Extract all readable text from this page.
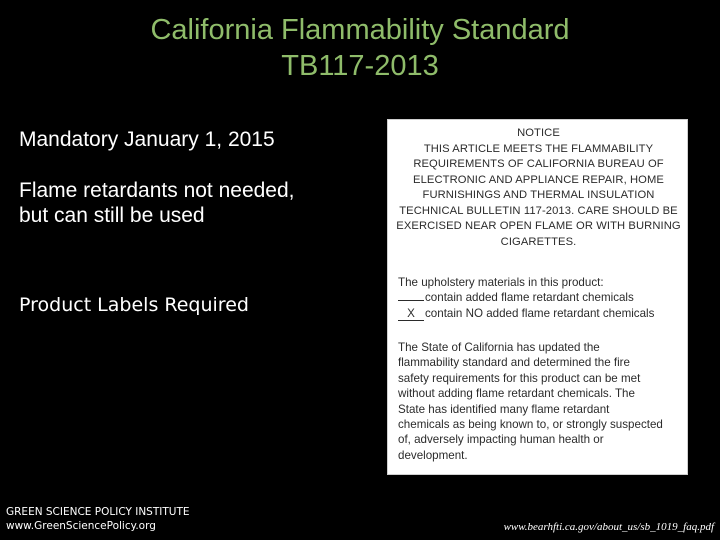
California Flammability Standard
TB117-2013
Mandatory January 1, 2015
Flame retardants not needed,
but can still be used
Product Labels Required
NOTICE
THIS ARTICLE MEETS THE FLAMMABILITY
REQUIREMENTS OF CALIFORNIA BUREAU OF
ELECTRONIC AND APPLIANCE REPAIR, HOME
FURNISHINGS AND THERMAL INSULATION
TECHNICAL BULLETIN 117-2013. CARE SHOULD BE
EXERCISED NEAR OPEN FLAME OR WITH BURNING
CIGARETTES.
The upholstery materials in this product:
contain added flame retardant chemicals
X contain NO added flame retardant chemicals
The State of California has updated the
flammability standard and determined the fire
safety requirements for this product can be met
without adding flame retardant chemicals. The
State has identified many flame retardant
chemicals as being known to, or strongly suspected
of, adversely impacting human health or
development.
GREEN SCIENCE POLICY INSTITUTE
www.GreenSciencePolicy.org	www.bearhfti.ca.gov/about_us/sb_1019_faq.pdf
